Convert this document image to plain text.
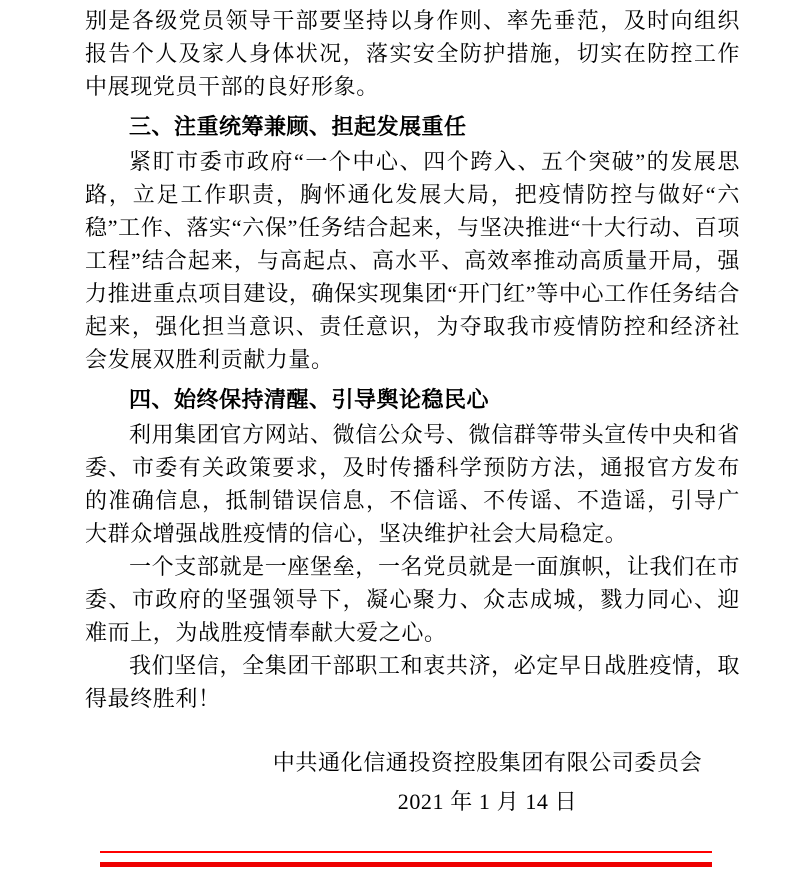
别是各级党员领导干部要坚持以身作则、率先垂范，及时向组织报告个人及家人身体状况，落实安全防护措施，切实在防控工作中展现党员干部的良好形象。

三、注重统筹兼顾、担起发展重任

紧盯市委市政府“一个中心、四个跨入、五个突破”的发展思路，立足工作职责，胸怀通化发展大局，把疫情防控与做好“六稳”工作、落实“六保”任务结合起来，与坚决推进“十大行动、百项工程”结合起来，与高起点、高水平、高效率推动高质量开局，强力推进重点项目建设，确保实现集团“开门红”等中心工作任务结合起来，强化担当意识、责任意识，为夺取我市疫情防控和经济社会发展双胜利贡献力量。

四、始终保持清醒、引导舆论稳民心

利用集团官方网站、微信公众号、微信群等带头宣传中央和省委、市委有关政策要求，及时传播科学预防方法，通报官方发布的准确信息，抵制错误信息，不信谣、不传谣、不造谣，引导广大群众增强战胜疫情的信心，坚决维护社会大局稳定。

一个支部就是一座堡垒，一名党员就是一面旗帜，让我们在市委、市政府的坚强领导下，凝心聚力、众志成城，戮力同心、迎难而上，为战胜疫情奉献大爱之心。

我们坚信，全集团干部职工和衷共济，必定早日战胜疫情，取得最终胜利！

中共通化信通投资控股集团有限公司委员会
2021 年 1 月 14 日
